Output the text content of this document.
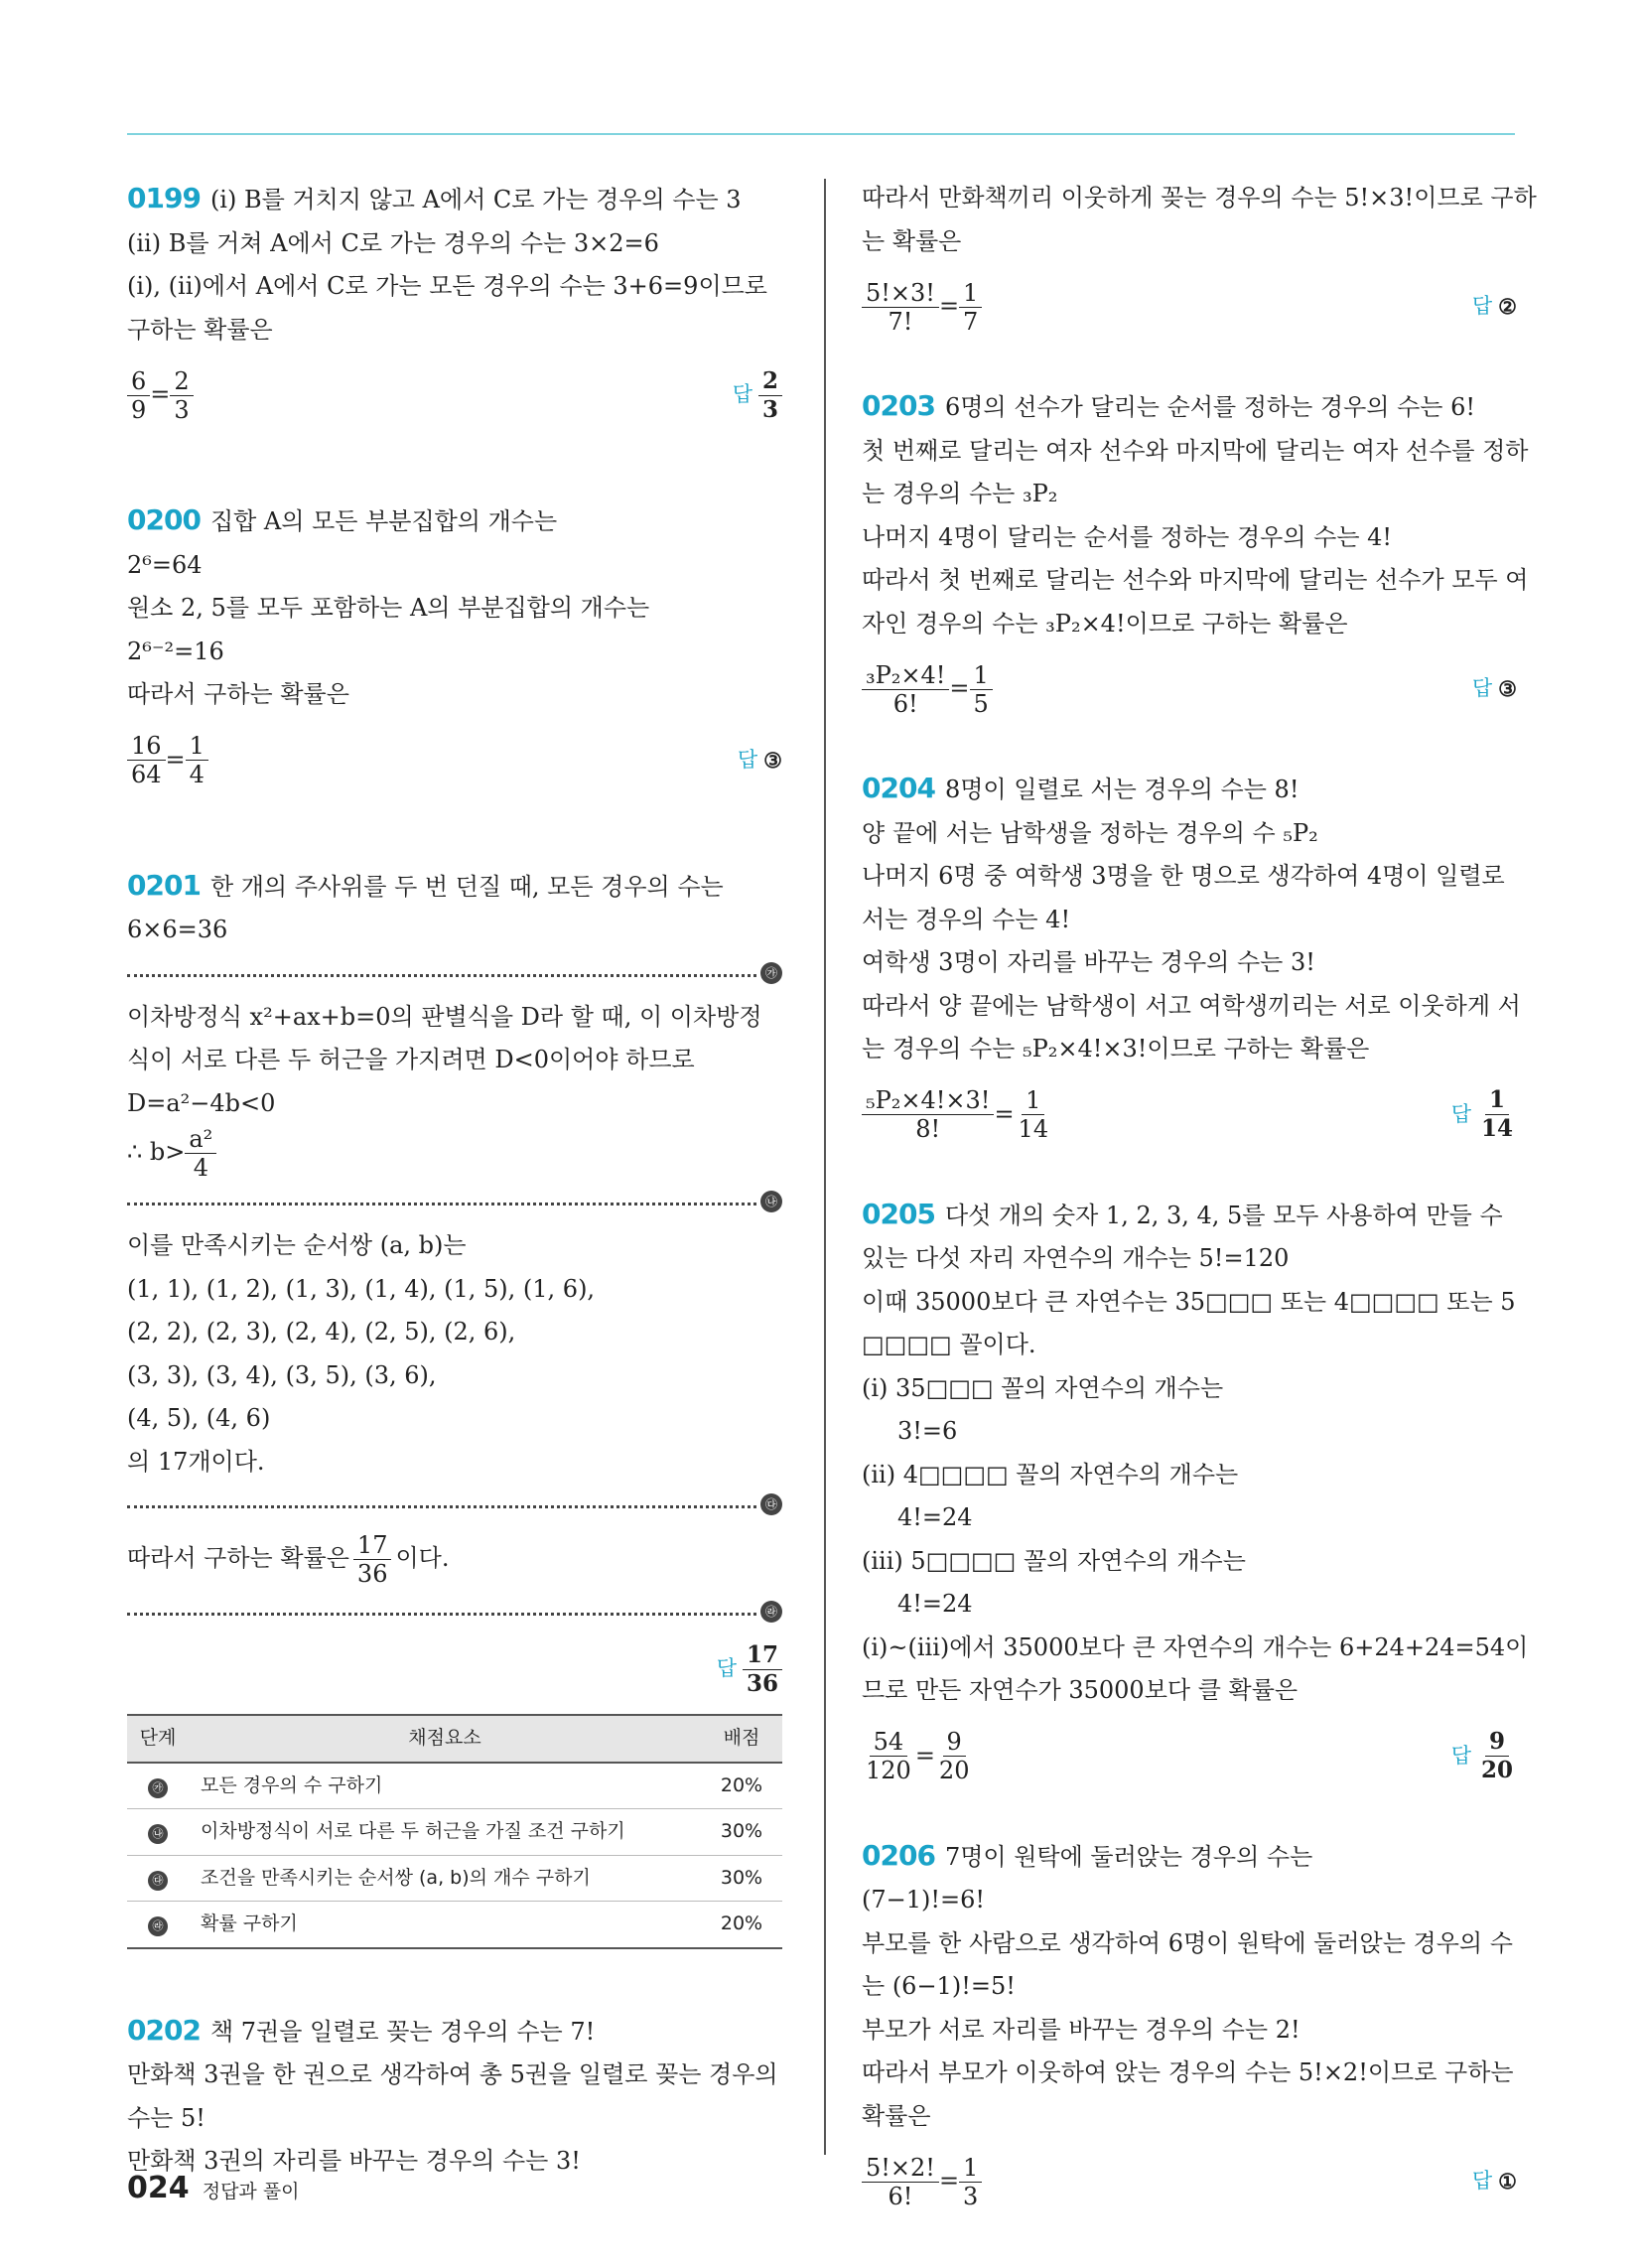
0199 (i) B를 거치지 않고 A에서 C로 가는 경우의 수는 3
(ii) B를 거쳐 A에서 C로 가는 경우의 수는 3×2=6
(i), (ii)에서 A에서 C로 가는 모든 경우의 수는 3+6=9이므로
구하는 확률은
$\frac{6}{9} = \frac{2}{3}$	답 $\frac{2}{3}$
0200 집합 A의 모든 부분집합의 개수는
2⁶=64
원소 2, 5를 모두 포함하는 A의 부분집합의 개수는
2⁶⁻²=16
따라서 구하는 확률은
$\frac{16}{64} = \frac{1}{4}$	답 ③
0201 한 개의 주사위를 두 번 던질 때, 모든 경우의 수는
6×6=36
㉮
이차방정식 x²+ax+b=0의 판별식을 D라 할 때, 이 이차방정
식이 서로 다른 두 허근을 가지려면 D<0이어야 하므로
D=a²−4b<0
∴ $b> \frac{\text{a²}}{4}$
㉯
이를 만족시키는 순서쌍 (a, b)는
(1, 1), (1, 2), (1, 3), (1, 4), (1, 5), (1, 6),
(2, 2), (2, 3), (2, 4), (2, 5), (2, 6),
(3, 3), (3, 4), (3, 5), (3, 6),
(4, 5), (4, 6)
의 17개이다.
㉰
따라서 구하는 확률은 $\frac{17}{36}$ 이다.
㉱
답 $\frac{17}{36}$
단계	채점요소	배점
㉮	모든 경우의 수 구하기	20%
㉯	이차방정식이 서로 다른 두 허근을 가질 조건 구하기	30%
㉰	조건을 만족시키는 순서쌍 (a, b)의 개수 구하기	30%
㉱	확률 구하기	20%
0202 책 7권을 일렬로 꽂는 경우의 수는 7!
만화책 3권을 한 권으로 생각하여 총 5권을 일렬로 꽂는 경우의
수는 5!
만화책 3권의 자리를 바꾸는 경우의 수는 3!
따라서 만화책끼리 이웃하게 꽂는 경우의 수는 5!×3!이므로 구하
는 확률은
$\frac{5!\times 3!}{7!} = \frac{1}{7}$	답 ②
0203 6명의 선수가 달리는 순서를 정하는 경우의 수는 6!
첫 번째로 달리는 여자 선수와 마지막에 달리는 여자 선수를 정하
는 경우의 수는 ₃P₂
나머지 4명이 달리는 순서를 정하는 경우의 수는 4!
따라서 첫 번째로 달리는 선수와 마지막에 달리는 선수가 모두 여
자인 경우의 수는 ₃P₂×4!이므로 구하는 확률은
$\frac{\text{₃P₂×4!}}{6!} = \frac{1}{5}$	답 ③
0204 8명이 일렬로 서는 경우의 수는 8!
양 끝에 서는 남학생을 정하는 경우의 수 ₅P₂
나머지 6명 중 여학생 3명을 한 명으로 생각하여 4명이 일렬로
서는 경우의 수는 4!
여학생 3명이 자리를 바꾸는 경우의 수는 3!
따라서 양 끝에는 남학생이 서고 여학생끼리는 서로 이웃하게 서
는 경우의 수는 ₅P₂×4!×3!이므로 구하는 확률은
$\frac{\text{₅P₂×4!×3!}}{8!} = \frac{1}{14}$	답 $\frac{1}{14}$
0205 다섯 개의 숫자 1, 2, 3, 4, 5를 모두 사용하여 만들 수
있는 다섯 자리 자연수의 개수는 5!=120
이때 35000보다 큰 자연수는 35□□□ 또는 4□□□□ 또는 5
□□□□ 꼴이다.
(i) 35□□□ 꼴의 자연수의 개수는
3!=6
(ii) 4□□□□ 꼴의 자연수의 개수는
4!=24
(iii) 5□□□□ 꼴의 자연수의 개수는
4!=24
(i)~(iii)에서 35000보다 큰 자연수의 개수는 6+24+24=54이
므로 만든 자연수가 35000보다 클 확률은
$\frac{54}{120} = \frac{9}{20}$	답 $\frac{9}{20}$
0206 7명이 원탁에 둘러앉는 경우의 수는
(7−1)!=6!
부모를 한 사람으로 생각하여 6명이 원탁에 둘러앉는 경우의 수
는 (6−1)!=5!
부모가 서로 자리를 바꾸는 경우의 수는 2!
따라서 부모가 이웃하여 앉는 경우의 수는 5!×2!이므로 구하는
확률은
$\frac{5!\times 2!}{6!} = \frac{1}{3}$	답 ①
024 정답과 풀이
